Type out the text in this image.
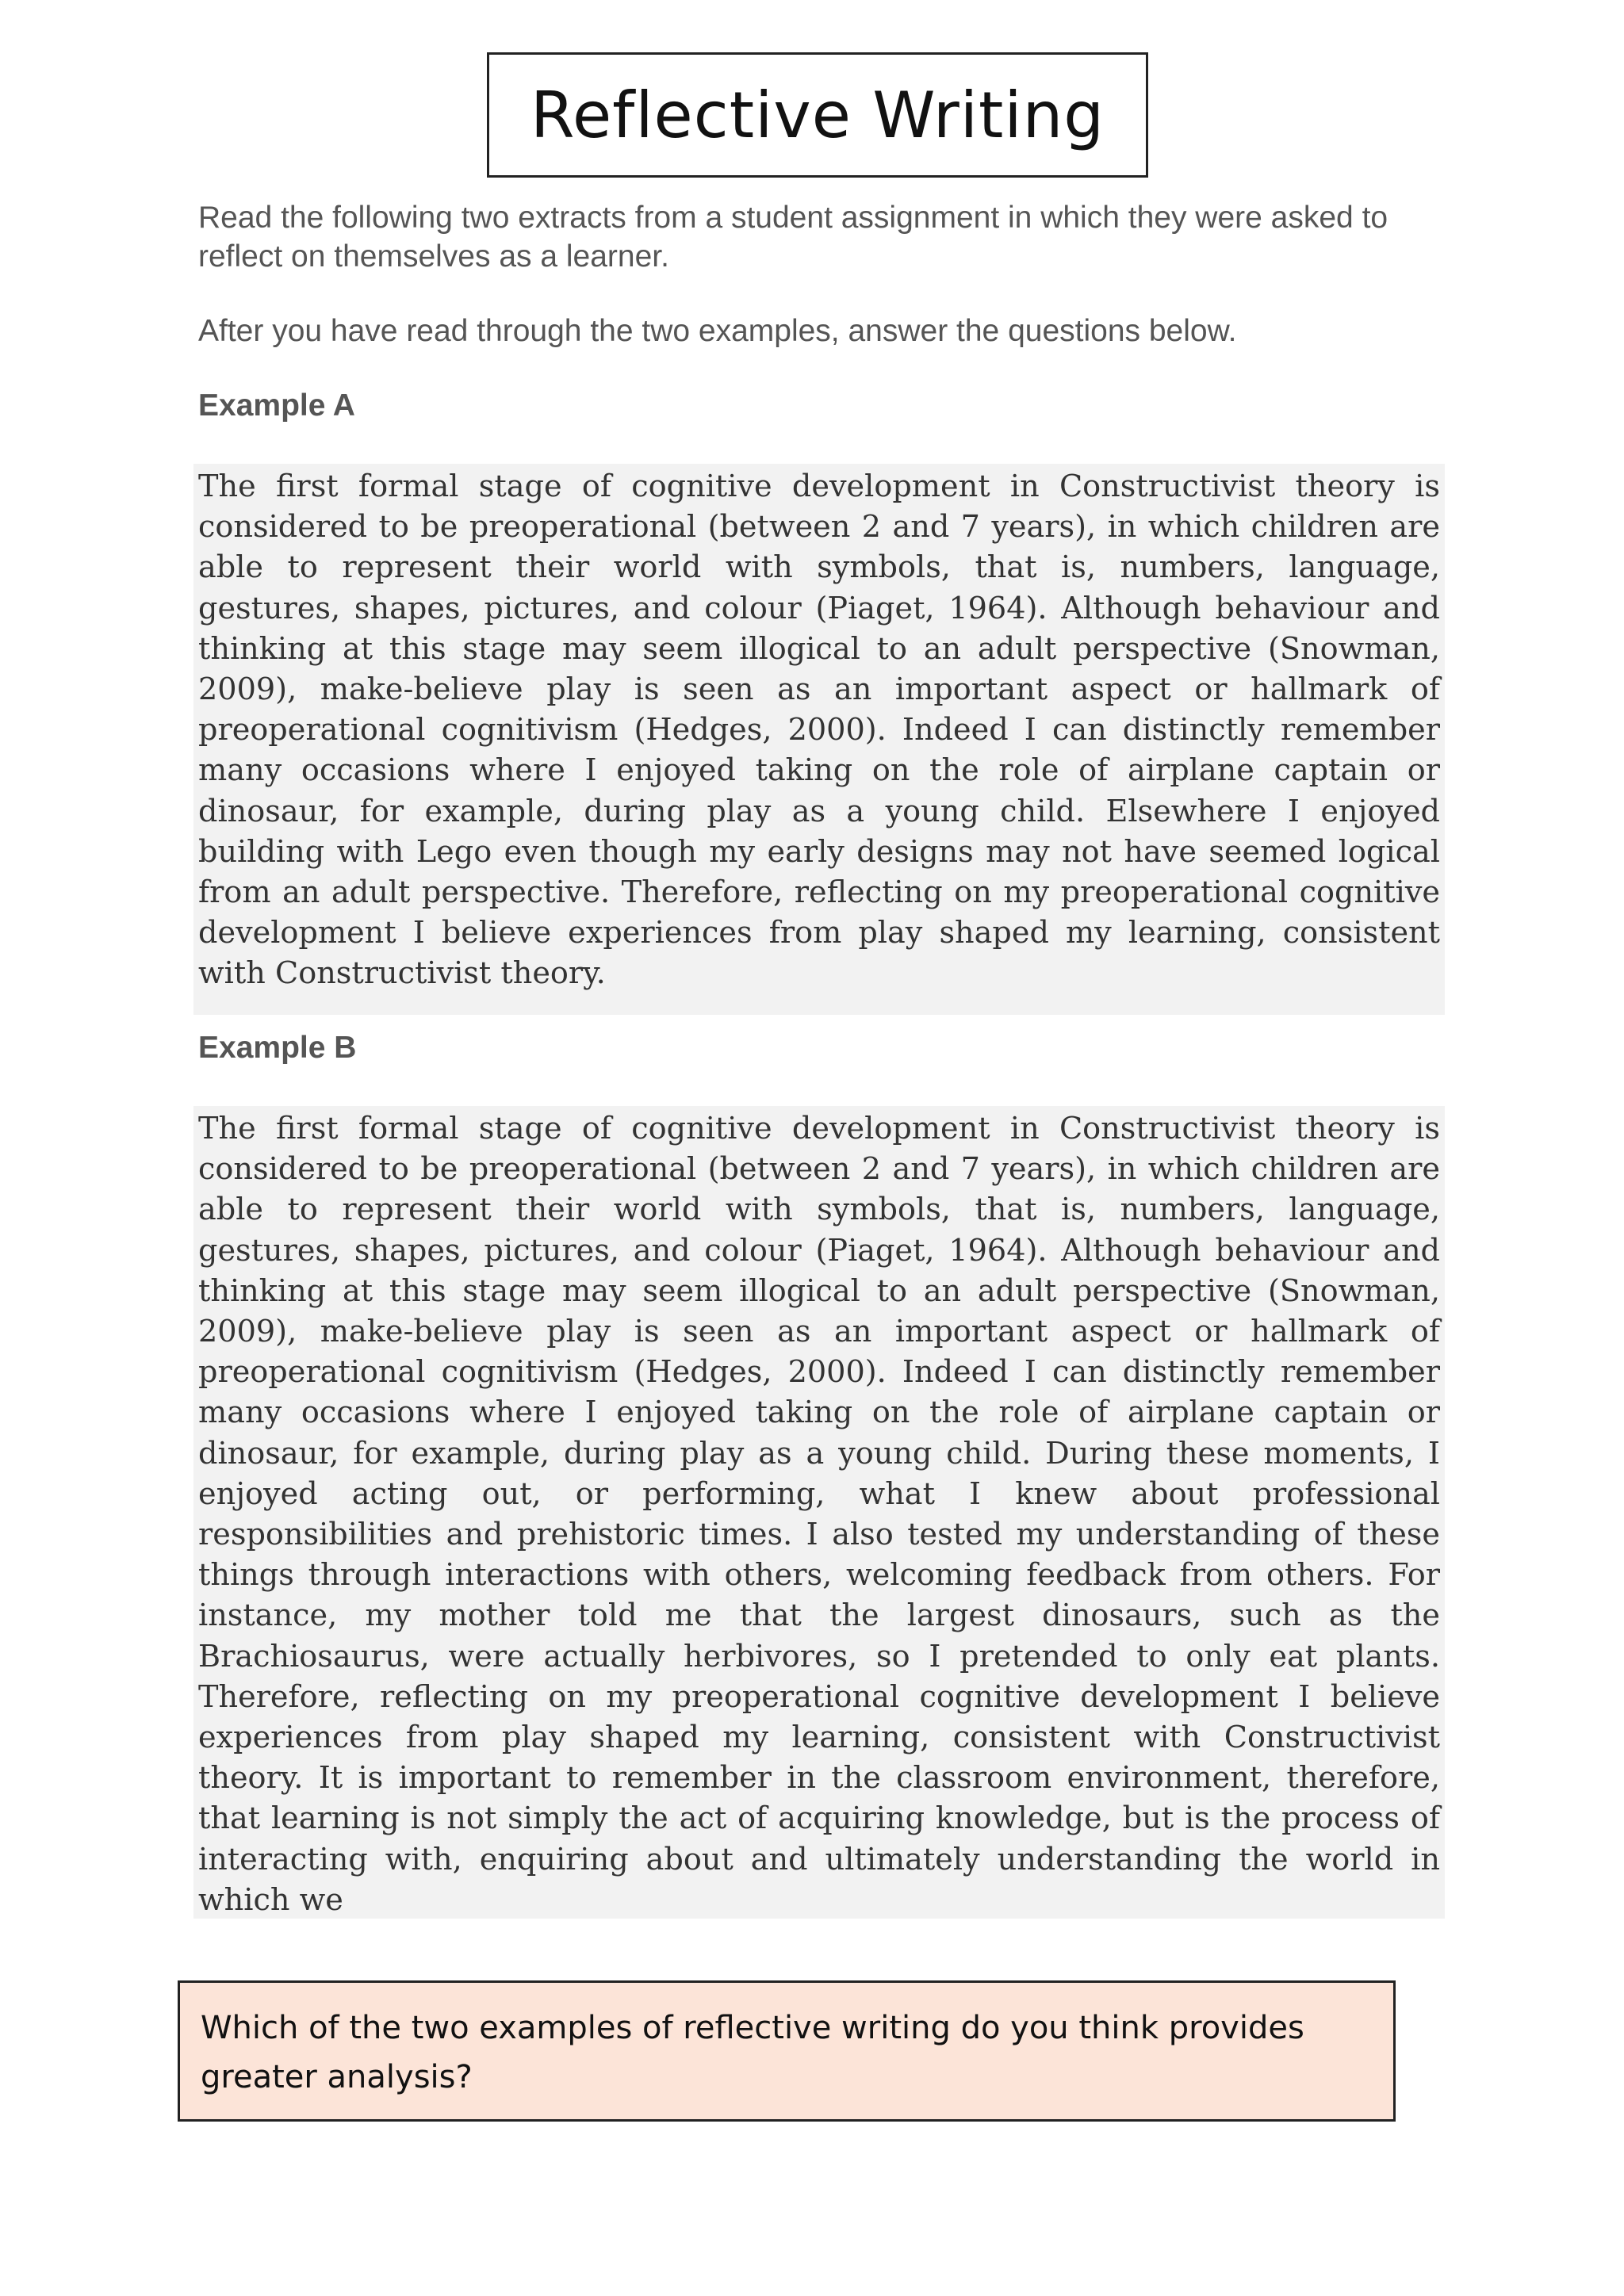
Reflective Writing

Read the following two extracts from a student assignment in which they were asked to reflect on themselves as a learner.

After you have read through the two examples, answer the questions below.

Example A

The first formal stage of cognitive development in Constructivist theory is considered to be preoperational (between 2 and 7 years), in which children are able to represent their world with symbols, that is, numbers, language, gestures, shapes, pictures, and colour (Piaget, 1964). Although behaviour and thinking at this stage may seem illogical to an adult perspective (Snowman, 2009), make-believe play is seen as an important aspect or hallmark of preoperational cognitivism (Hedges, 2000). Indeed I can distinctly remember many occasions where I enjoyed taking on the role of airplane captain or dinosaur, for example, during play as a young child. Elsewhere I enjoyed building with Lego even though my early designs may not have seemed logical from an adult perspective. Therefore, reflecting on my preoperational cognitive development I believe experiences from play shaped my learning, consistent with Constructivist theory.

Example B

The first formal stage of cognitive development in Constructivist theory is considered to be preoperational (between 2 and 7 years), in which children are able to represent their world with symbols, that is, numbers, language, gestures, shapes, pictures, and colour (Piaget, 1964). Although behaviour and thinking at this stage may seem illogical to an adult perspective (Snowman, 2009), make-believe play is seen as an important aspect or hallmark of preoperational cognitivism (Hedges, 2000). Indeed I can distinctly remember many occasions where I enjoyed taking on the role of airplane captain or dinosaur, for example, during play as a young child. During these moments, I enjoyed acting out, or performing, what I knew about professional responsibilities and prehistoric times. I also tested my understanding of these things through interactions with others, welcoming feedback from others. For instance, my mother told me that the largest dinosaurs, such as the Brachiosaurus, were actually herbivores, so I pretended to only eat plants. Therefore, reflecting on my preoperational cognitive development I believe experiences from play shaped my learning, consistent with Constructivist theory. It is important to remember in the classroom environment, therefore, that learning is not simply the act of acquiring knowledge, but is the process of interacting with, enquiring about and ultimately understanding the world in which we

Which of the two examples of reflective writing do you think provides greater analysis?
